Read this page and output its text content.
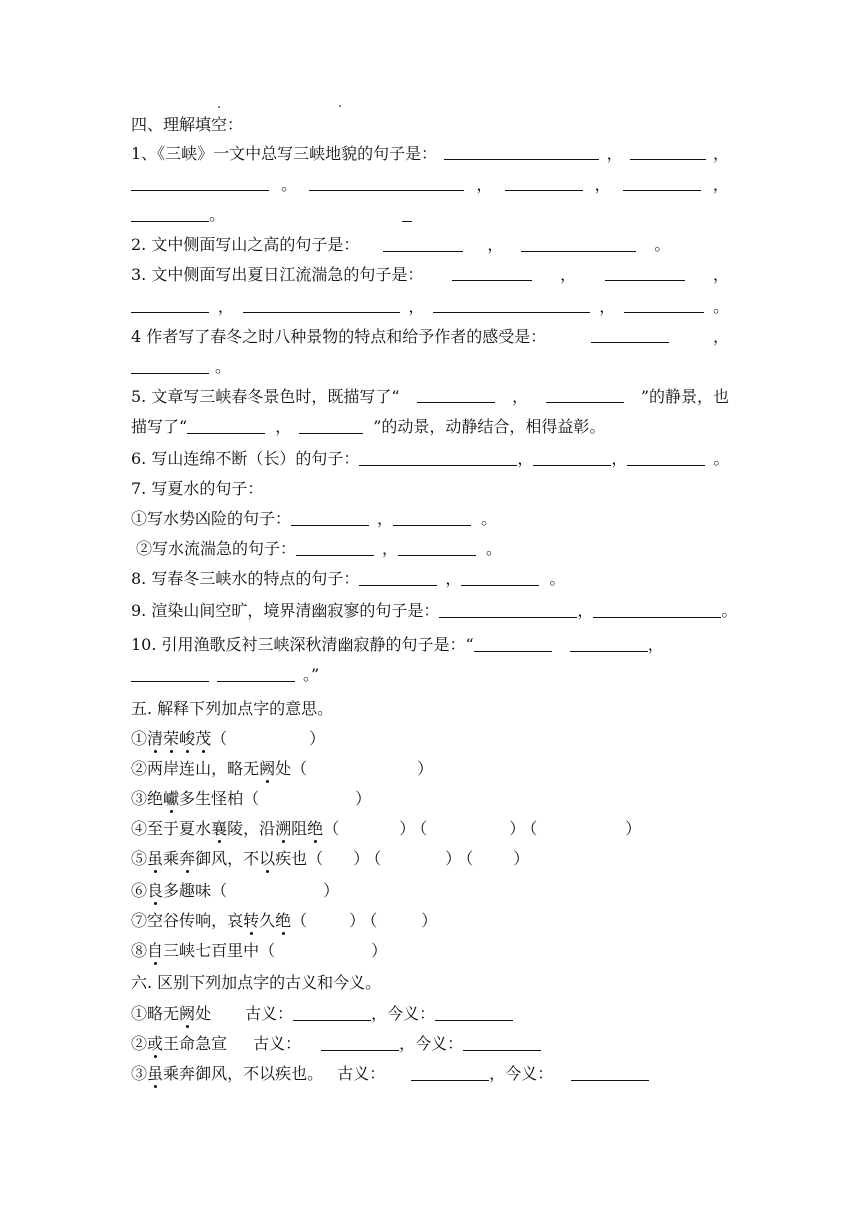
四、理解填空：
1、《三峡》一文中总写三峡地貌的句子是：	，	，
。	，	，	，
。
2. 文中侧面写山之高的句子是：	，	。
3. 文中侧面写出夏日江流湍急的句子是：	，	，
，	，	，	。
4 作者写了春冬之时八种景物的特点和给予作者的感受是：	，
。
5. 文章写三峡春冬景色时，既描写了“	，	”的静景，也
描写了“	，	”的动景，动静结合，相得益彰。
6. 写山连绵不断（长）的句子：	，	，	。
7. 写夏水的句子：
①写水势凶险的句子：	，	。
②写水流湍急的句子：	，	。
8. 写春冬三峡水的特点的句子：	，	。
9. 渲染山间空旷，境界清幽寂寥的句子是：	，	。
10. 引用渔歌反衬三峡深秋清幽寂静的句子是：“	，
。”
五. 解释下列加点字的意思。
①清荣峻茂（	）
②两岸连山，略无阙处（	）
③绝巘多生怪柏（	）
④至于夏水襄陵，沿溯阻绝（	） （	） （	）
⑤虽乘奔御风，不以疾也（ ） （	） （	）
⑥良多趣味（	）
⑦空谷传响，哀转久绝（	） （	）
⑧自三峡七百里中（	）
六. 区别下列加点字的古义和今义。
①略无阙处 古义：	，今义：
②或王命急宣 古义：	，今义：
③虽乘奔御风，不以疾也。 古义：	，今义：
